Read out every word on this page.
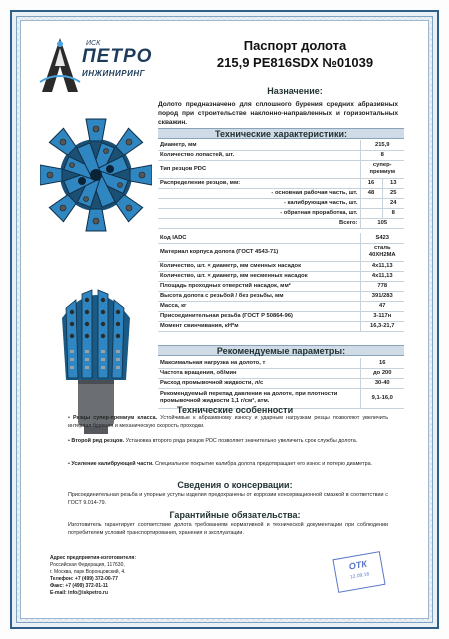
ИСК
ПЕТРО
ИНЖИНИРИНГ
Паспорт долота
215,9 PE816SDX №01039
Назначение:
Долото предназначено для сплошного бурения средних абразивных пород при строительстве наклонно-направленных и горизонтальных скважин.
Технические характеристики:
Диаметр, мм	215,9	
Количество лопастей, шт.	8	
Тип резцов PDC	супер-премиум	
Распределение резцов, мм:	16	13
- основная рабочая часть, шт.	48	25
- калибрующая часть, шт.		24
- обратная проработка, шт.		8
Всего:	105	
Код IADC	S423
Материал корпуса долота (ГОСТ 4543-71)	сталь 40ХН2МА
Количество, шт. × диаметр, мм сменных насадок	4x11,13
Количество, шт. × диаметр, мм несменных насадок	4x11,13
Площадь проходных отверстий насадок, мм²	778
Высота долота с резьбой / без резьбы, мм	391/283
Масса, кг	47
Присоединительная резьба (ГОСТ Р 50864-96)	3-117н
Момент свинчивания, кН*м	16,3-21,7
Рекомендуемые параметры:
Максимальная нагрузка на долото, т	16
Частота вращения, об/мин	до 200
Расход промывочной жидкости, л/с	30-40
Рекомендуемый перепад давления на долоте, при плотности промывочной жидкости 1,1 г/см³, атм.	9,1-16,0
Технические особенности
• Резцы супер-премиум класса. Устойчивые к абразивному износу и ударным нагрузкам резцы позволяют увеличить интервал бурения и механическую скорость проходки.
• Второй ряд резцов. Установка второго ряда резцов PDC позволяет значительно увеличить срок службы долота.
• Усиление калибрующей части. Специальное покрытие калибра долота предотвращает его износ и потерю диаметра.
Сведения о консервации:
Присоединительная резьба и упорные уступы изделия предохранены от коррозии консервационной смазкой в соответствии с ГОСТ 9.014-79.
Гарантийные обязательства:
Изготовитель гарантирует соответствие долота требованиям нормативной и технической документации при соблюдении потребителем условий транспортирования, хранения и эксплуатации.
Адрес предприятия-изготовителя:
Российская Федерация, 117630,
г. Москва, парк Воронцовский, 4.
Телефон: +7 (499) 372-00-77
Факс: +7 (499) 372-01-11
E-mail: info@iskpetro.ru
ОТК
12.09.16
